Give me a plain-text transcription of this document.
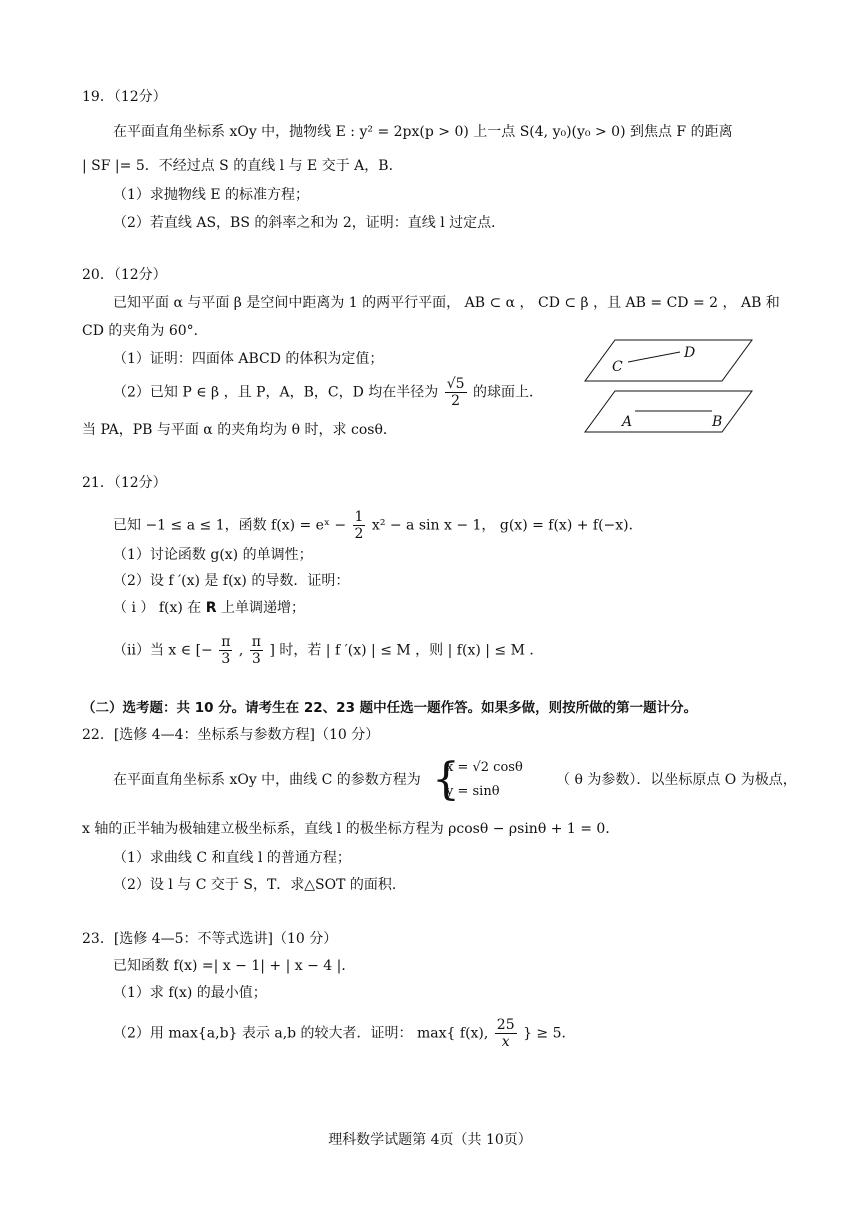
19．（12分）
在平面直角坐标系 xOy 中，抛物线 E : y² = 2px(p > 0) 上一点 S(4, y₀)(y₀ > 0) 到焦点 F 的距离
| SF |= 5．不经过点 S 的直线 l 与 E 交于 A，B．
（1）求抛物线 E 的标准方程；
（2）若直线 AS，BS 的斜率之和为 2，证明：直线 l 过定点．
20．（12分）
已知平面 α 与平面 β 是空间中距离为 1 的两平行平面， AB ⊂ α ， CD ⊂ β ，且 AB = CD = 2 ， AB 和
CD 的夹角为 60°．
（1）证明：四面体 ABCD 的体积为定值；
（2）已知 P ∈ β ，且 P，A，B，C，D 均在半径为 $\frac{√5}{2}$ 的球面上．
当 PA，PB 与平面 α 的夹角均为 θ 时，求 cosθ．
C
D
A	B
21．（12分）
已知 −1 ≤ a ≤ 1，函数 f(x) = eˣ − $\frac{1}{2} x^2 - a$ sin x − 1， g(x) = f(x) + f(−x)．
（1）讨论函数 g(x) 的单调性；
（2）设 f ′(x) 是 f(x) 的导数．证明：
（ i ） f(x) 在 R 上单调递增；
（ii）当 x ∈ [− $\frac{\pi}{3}$ , $\frac{\pi}{3}$ ] 时，若 | f ′(x) | ≤ M ，则 | f(x) | ≤ M ．
（二）选考题：共 10 分。请考生在 22、23 题中任选一题作答。如果多做，则按所做的第一题计分。
22．[选修 4—4：坐标系与参数方程]（10 分）
在平面直角坐标系 xOy 中，曲线 C 的参数方程为 {
x = √2 cosθ
y = sinθ
（ θ 为参数）．以坐标原点 O 为极点，
x 轴的正半轴为极轴建立极坐标系，直线 l 的极坐标方程为 ρcosθ − ρsinθ + 1 = 0．
（1）求曲线 C 和直线 l 的普通方程；
（2）设 l 与 C 交于 S，T．求△SOT 的面积.
23．[选修 4—5：不等式选讲]（10 分）
已知函数 f(x) =| x − 1| + | x − 4 |．
（1）求 f(x) 的最小值；
（2）用 max{a,b} 表示 a,b 的较大者．证明： max{ f(x), $\frac{25}{x}$ } ≥ 5．
理科数学试题第 4页（共 10页）
